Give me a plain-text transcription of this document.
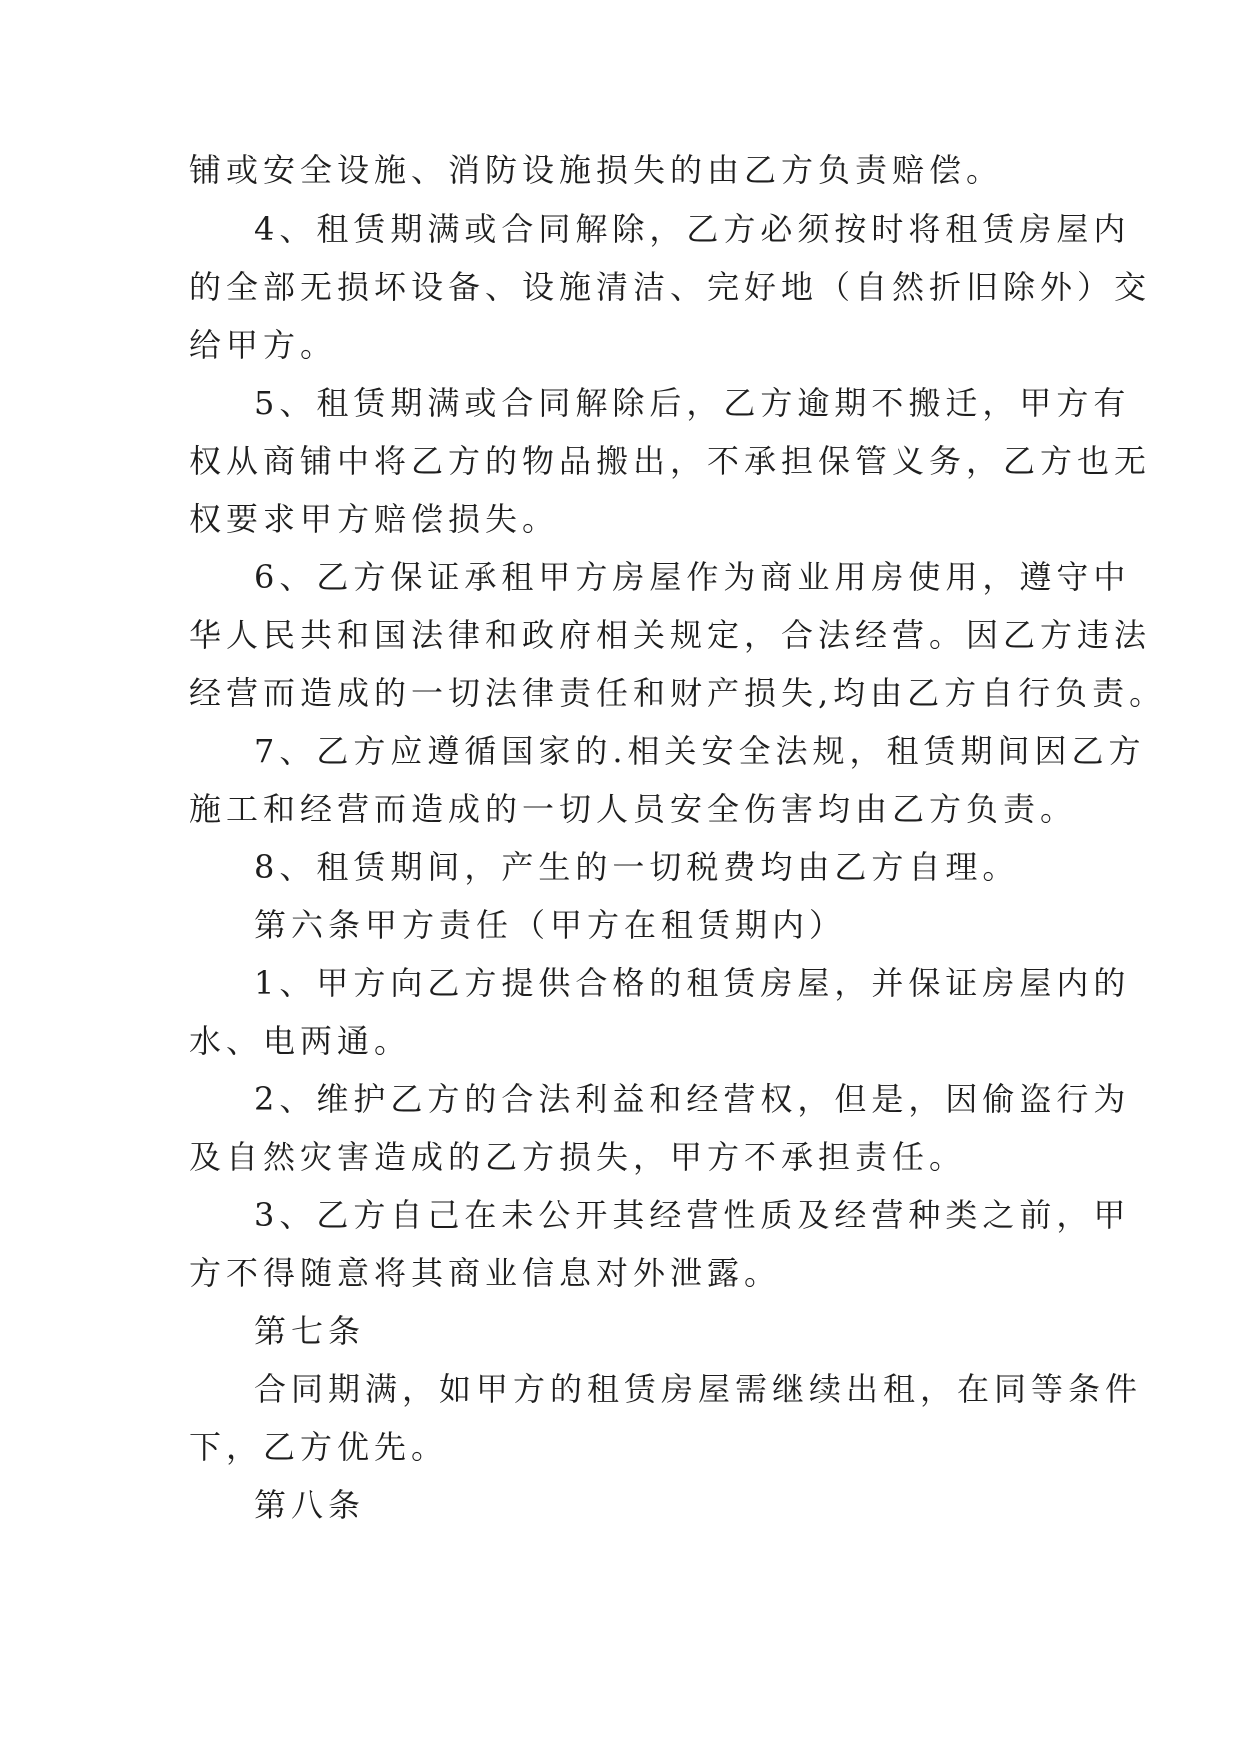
铺或安全设施、消防设施损失的由乙方负责赔偿。
4、租赁期满或合同解除，乙方必须按时将租赁房屋内
的全部无损坏设备、设施清洁、完好地（自然折旧除外）交
给甲方。
5、租赁期满或合同解除后，乙方逾期不搬迁，甲方有
权从商铺中将乙方的物品搬出，不承担保管义务，乙方也无
权要求甲方赔偿损失。
6、乙方保证承租甲方房屋作为商业用房使用，遵守中
华人民共和国法律和政府相关规定，合法经营。因乙方违法
经营而造成的一切法律责任和财产损失,均由乙方自行负责。
7、乙方应遵循国家的.相关安全法规，租赁期间因乙方
施工和经营而造成的一切人员安全伤害均由乙方负责。
8、租赁期间，产生的一切税费均由乙方自理。
第六条甲方责任（甲方在租赁期内）
1、甲方向乙方提供合格的租赁房屋，并保证房屋内的
水、电两通。
2、维护乙方的合法利益和经营权，但是，因偷盗行为
及自然灾害造成的乙方损失，甲方不承担责任。
3、乙方自己在未公开其经营性质及经营种类之前，甲
方不得随意将其商业信息对外泄露。
第七条
合同期满，如甲方的租赁房屋需继续出租，在同等条件
下，乙方优先。
第八条
